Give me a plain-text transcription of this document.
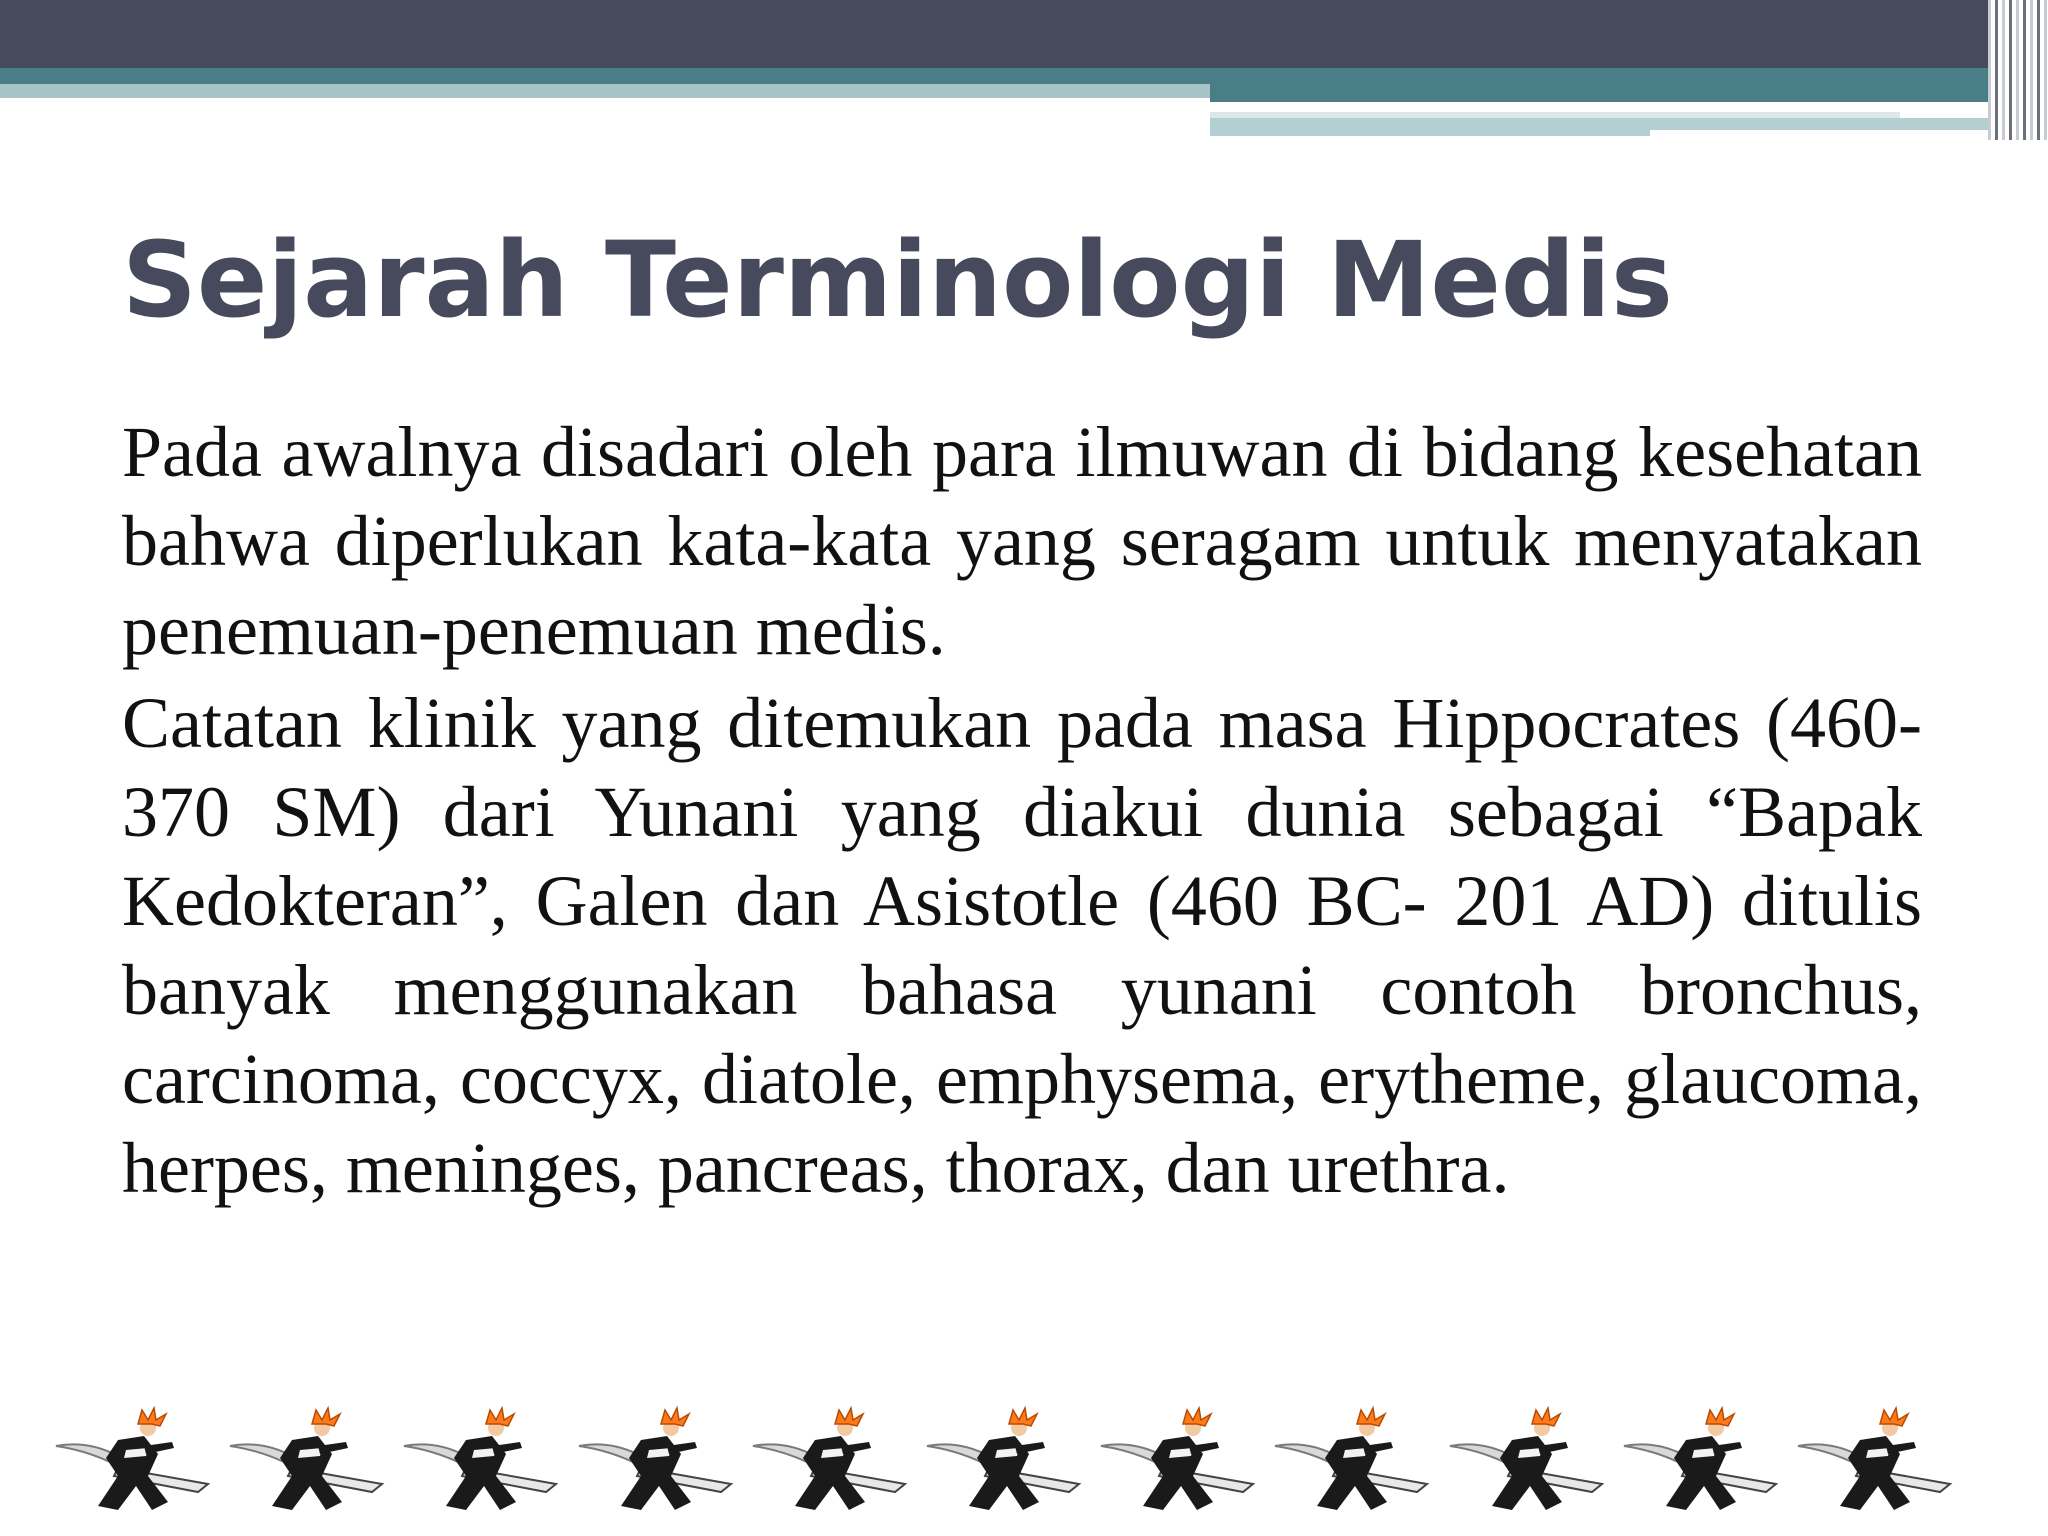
Sejarah Terminologi Medis

Pada awalnya disadari oleh para ilmuwan di bidang kesehatan bahwa diperlukan kata-kata yang seragam untuk menyatakan penemuan-penemuan medis.

Catatan klinik yang ditemukan pada masa Hippocrates (460-370 SM) dari Yunani yang diakui dunia sebagai “Bapak Kedokteran”, Galen dan Asistotle (460 BC- 201 AD) ditulis banyak menggunakan bahasa yunani contoh bronchus, carcinoma, coccyx, diatole, emphysema, erytheme, glaucoma, herpes, meninges, pancreas, thorax, dan urethra.
